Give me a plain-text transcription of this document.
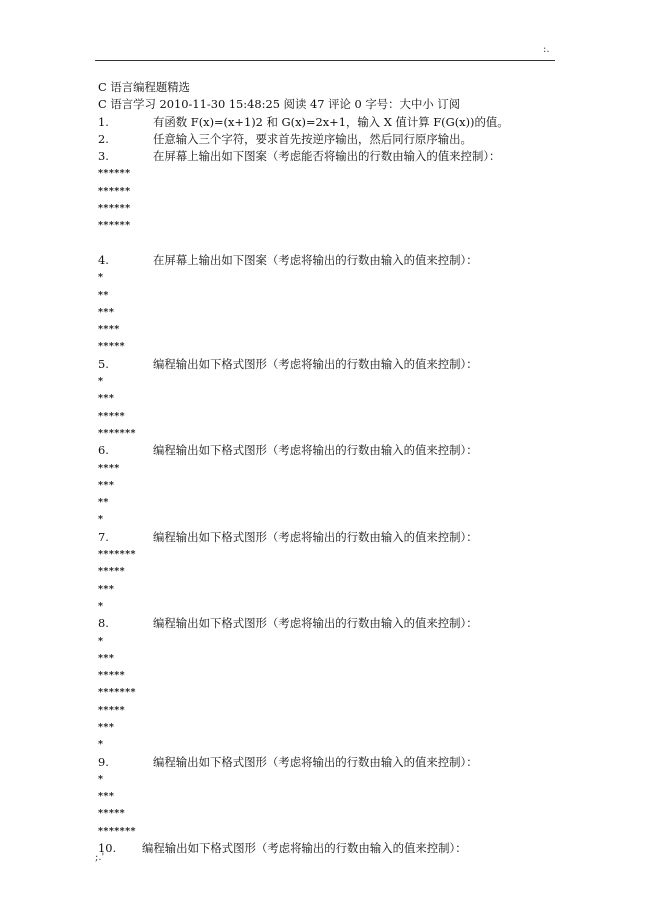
:.
C 语言编程题精选
C 语言学习 2010-11-30 15:48:25 阅读 47 评论 0 字号：大中小 订阅
1.	有函数 F(x)=(x+1)2 和 G(x)=2x+1，输入 X 值计算 F(G(x))的值。
2.	任意输入三个字符，要求首先按逆序输出，然后同行原序输出。
3.	在屏幕上输出如下图案（考虑能否将输出的行数由输入的值来控制）：
******
******
******
******
4.	在屏幕上输出如下图案（考虑将输出的行数由输入的值来控制）：
*
**
***
****
*****
5.	编程输出如下格式图形（考虑将输出的行数由输入的值来控制）：
*
***
*****
*******
6.	编程输出如下格式图形（考虑将输出的行数由输入的值来控制）：
****
***
**
*
7.	编程输出如下格式图形（考虑将输出的行数由输入的值来控制）：
*******
*****
***
*
8.	编程输出如下格式图形（考虑将输出的行数由输入的值来控制）：
*
***
*****
*******
*****
***
*
9.	编程输出如下格式图形（考虑将输出的行数由输入的值来控制）：
*
***
*****
*******
10.	编程输出如下格式图形（考虑将输出的行数由输入的值来控制）：
;.'
